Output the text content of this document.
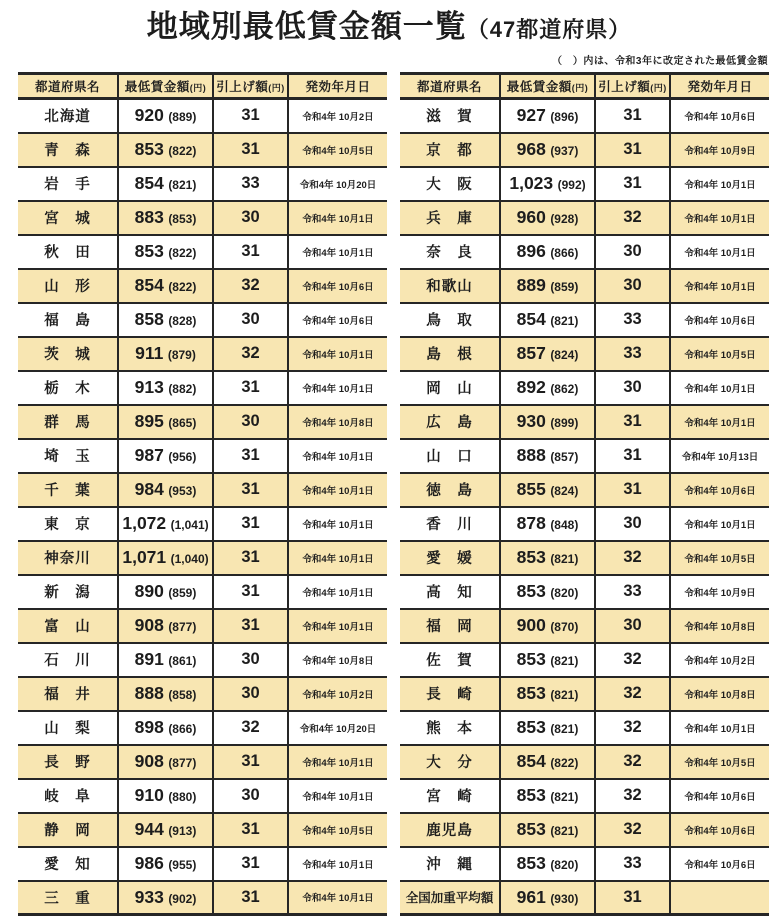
地域別最低賃金額一覧（47都道府県）
（　）内は、令和3年に改定された最低賃金額
都道府県名	最低賃金額(円)	引上げ額(円)	発効年月日
北海道	920 (889)	31	令和4年 10月2日
青　森	853 (822)	31	令和4年 10月5日
岩　手	854 (821)	33	令和4年 10月20日
宮　城	883 (853)	30	令和4年 10月1日
秋　田	853 (822)	31	令和4年 10月1日
山　形	854 (822)	32	令和4年 10月6日
福　島	858 (828)	30	令和4年 10月6日
茨　城	911 (879)	32	令和4年 10月1日
栃　木	913 (882)	31	令和4年 10月1日
群　馬	895 (865)	30	令和4年 10月8日
埼　玉	987 (956)	31	令和4年 10月1日
千　葉	984 (953)	31	令和4年 10月1日
東　京	1,072 (1,041)	31	令和4年 10月1日
神奈川	1,071 (1,040)	31	令和4年 10月1日
新　潟	890 (859)	31	令和4年 10月1日
富　山	908 (877)	31	令和4年 10月1日
石　川	891 (861)	30	令和4年 10月8日
福　井	888 (858)	30	令和4年 10月2日
山　梨	898 (866)	32	令和4年 10月20日
長　野	908 (877)	31	令和4年 10月1日
岐　阜	910 (880)	30	令和4年 10月1日
静　岡	944 (913)	31	令和4年 10月5日
愛　知	986 (955)	31	令和4年 10月1日
三　重	933 (902)	31	令和4年 10月1日
都道府県名	最低賃金額(円)	引上げ額(円)	発効年月日
滋　賀	927 (896)	31	令和4年 10月6日
京　都	968 (937)	31	令和4年 10月9日
大　阪	1,023 (992)	31	令和4年 10月1日
兵　庫	960 (928)	32	令和4年 10月1日
奈　良	896 (866)	30	令和4年 10月1日
和歌山	889 (859)	30	令和4年 10月1日
鳥　取	854 (821)	33	令和4年 10月6日
島　根	857 (824)	33	令和4年 10月5日
岡　山	892 (862)	30	令和4年 10月1日
広　島	930 (899)	31	令和4年 10月1日
山　口	888 (857)	31	令和4年 10月13日
徳　島	855 (824)	31	令和4年 10月6日
香　川	878 (848)	30	令和4年 10月1日
愛　媛	853 (821)	32	令和4年 10月5日
高　知	853 (820)	33	令和4年 10月9日
福　岡	900 (870)	30	令和4年 10月8日
佐　賀	853 (821)	32	令和4年 10月2日
長　崎	853 (821)	32	令和4年 10月8日
熊　本	853 (821)	32	令和4年 10月1日
大　分	854 (822)	32	令和4年 10月5日
宮　崎	853 (821)	32	令和4年 10月6日
鹿児島	853 (821)	32	令和4年 10月6日
沖　縄	853 (820)	33	令和4年 10月6日
全国加重平均額	961 (930)	31	
